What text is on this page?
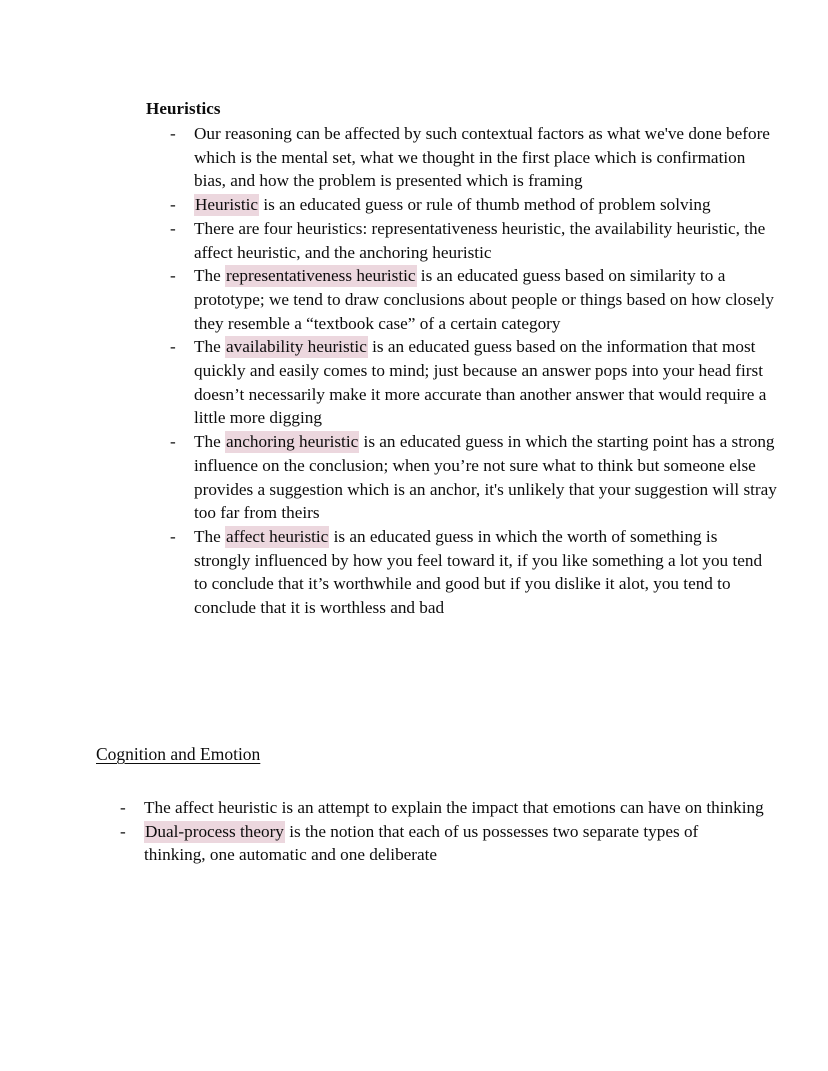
Heuristics
- Our reasoning can be affected by such contextual factors as what we've done before which is the mental set, what we thought in the first place which is confirmation bias, and how the problem is presented which is framing
- Heuristic is an educated guess or rule of thumb method of problem solving
- There are four heuristics: representativeness heuristic, the availability heuristic, the affect heuristic, and the anchoring heuristic
- The representativeness heuristic is an educated guess based on similarity to a prototype; we tend to draw conclusions about people or things based on how closely they resemble a “textbook case” of a certain category
- The availability heuristic is an educated guess based on the information that most quickly and easily comes to mind; just because an answer pops into your head first doesn’t necessarily make it more accurate than another answer that would require a little more digging
- The anchoring heuristic is an educated guess in which the starting point has a strong influence on the conclusion; when you’re not sure what to think but someone else provides a suggestion which is an anchor, it's unlikely that your suggestion will stray too far from theirs
- The affect heuristic is an educated guess in which the worth of something is strongly influenced by how you feel toward it, if you like something a lot you tend to conclude that it’s worthwhile and good but if you dislike it alot, you tend to conclude that it is worthless and bad
Cognition and Emotion
- The affect heuristic is an attempt to explain the impact that emotions can have on thinking
- Dual-process theory is the notion that each of us possesses two separate types of thinking, one automatic and one deliberate
